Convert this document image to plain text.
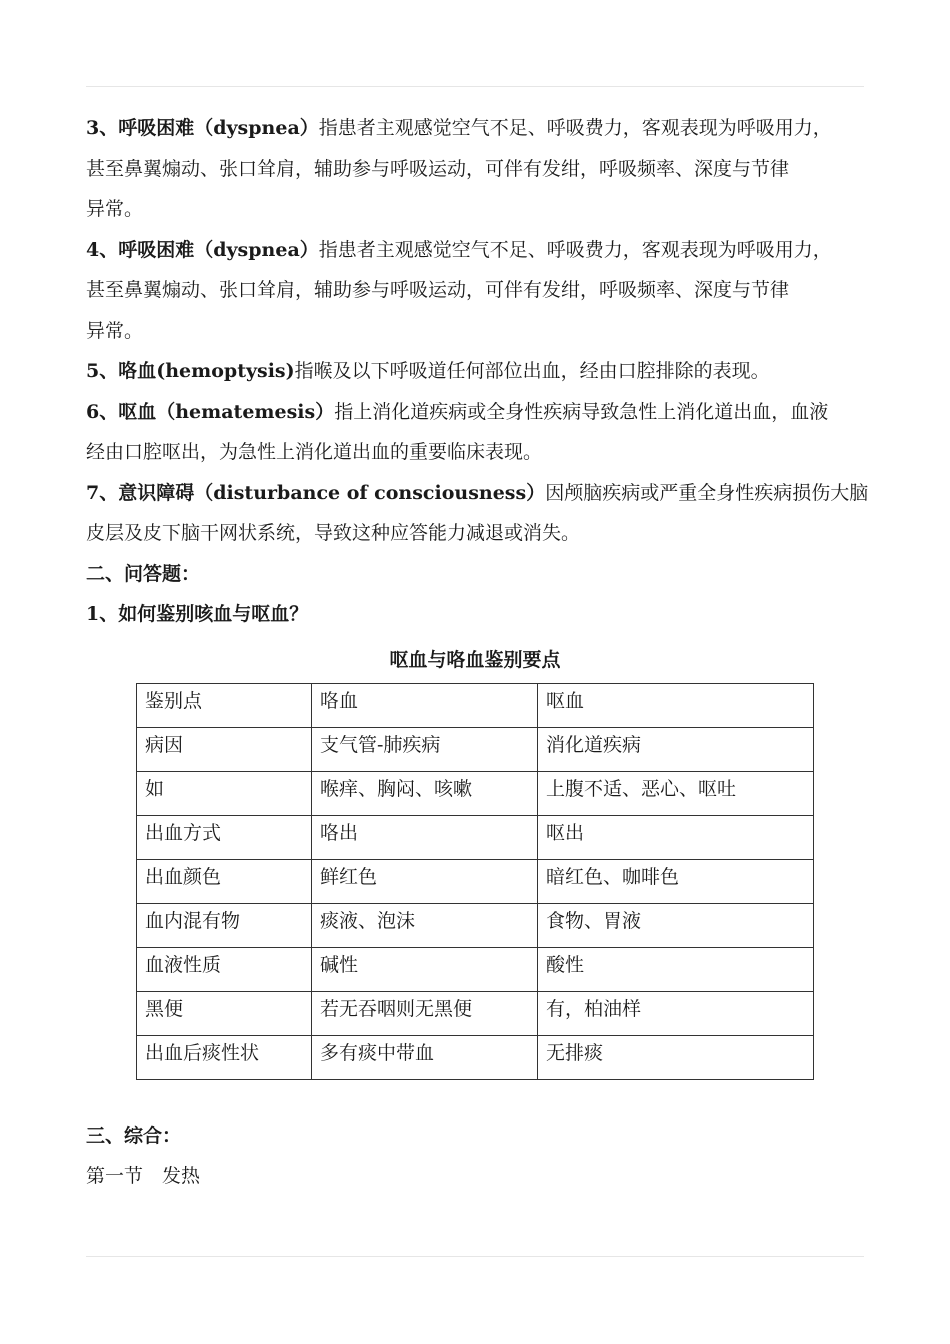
3、呼吸困难（dyspnea）指患者主观感觉空气不足、呼吸费力，客观表现为呼吸用力，

甚至鼻翼煽动、张口耸肩，辅助参与呼吸运动，可伴有发绀，呼吸频率、深度与节律

异常。

4、呼吸困难（dyspnea）指患者主观感觉空气不足、呼吸费力，客观表现为呼吸用力，

甚至鼻翼煽动、张口耸肩，辅助参与呼吸运动，可伴有发绀，呼吸频率、深度与节律

异常。

5、咯血(hemoptysis)指喉及以下呼吸道任何部位出血，经由口腔排除的表现。

6、呕血（hematemesis）指上消化道疾病或全身性疾病导致急性上消化道出血，血液

经由口腔呕出，为急性上消化道出血的重要临床表现。

7、意识障碍（disturbance of consciousness）因颅脑疾病或严重全身性疾病损伤大脑

皮层及皮下脑干网状系统，导致这种应答能力减退或消失。

二、问答题：

1、如何鉴别咳血与呕血？

呕血与咯血鉴别要点
鉴别点	咯血	呕血
病因	支气管-肺疾病	消化道疾病
如	喉痒、胸闷、咳嗽	上腹不适、恶心、呕吐
出血方式	咯出	呕出
出血颜色	鲜红色	暗红色、咖啡色
血内混有物	痰液、泡沫	食物、胃液
血液性质	碱性	酸性
黑便	若无吞咽则无黑便	有，柏油样
出血后痰性状	多有痰中带血	无排痰

三、综合：

第一节　发热
